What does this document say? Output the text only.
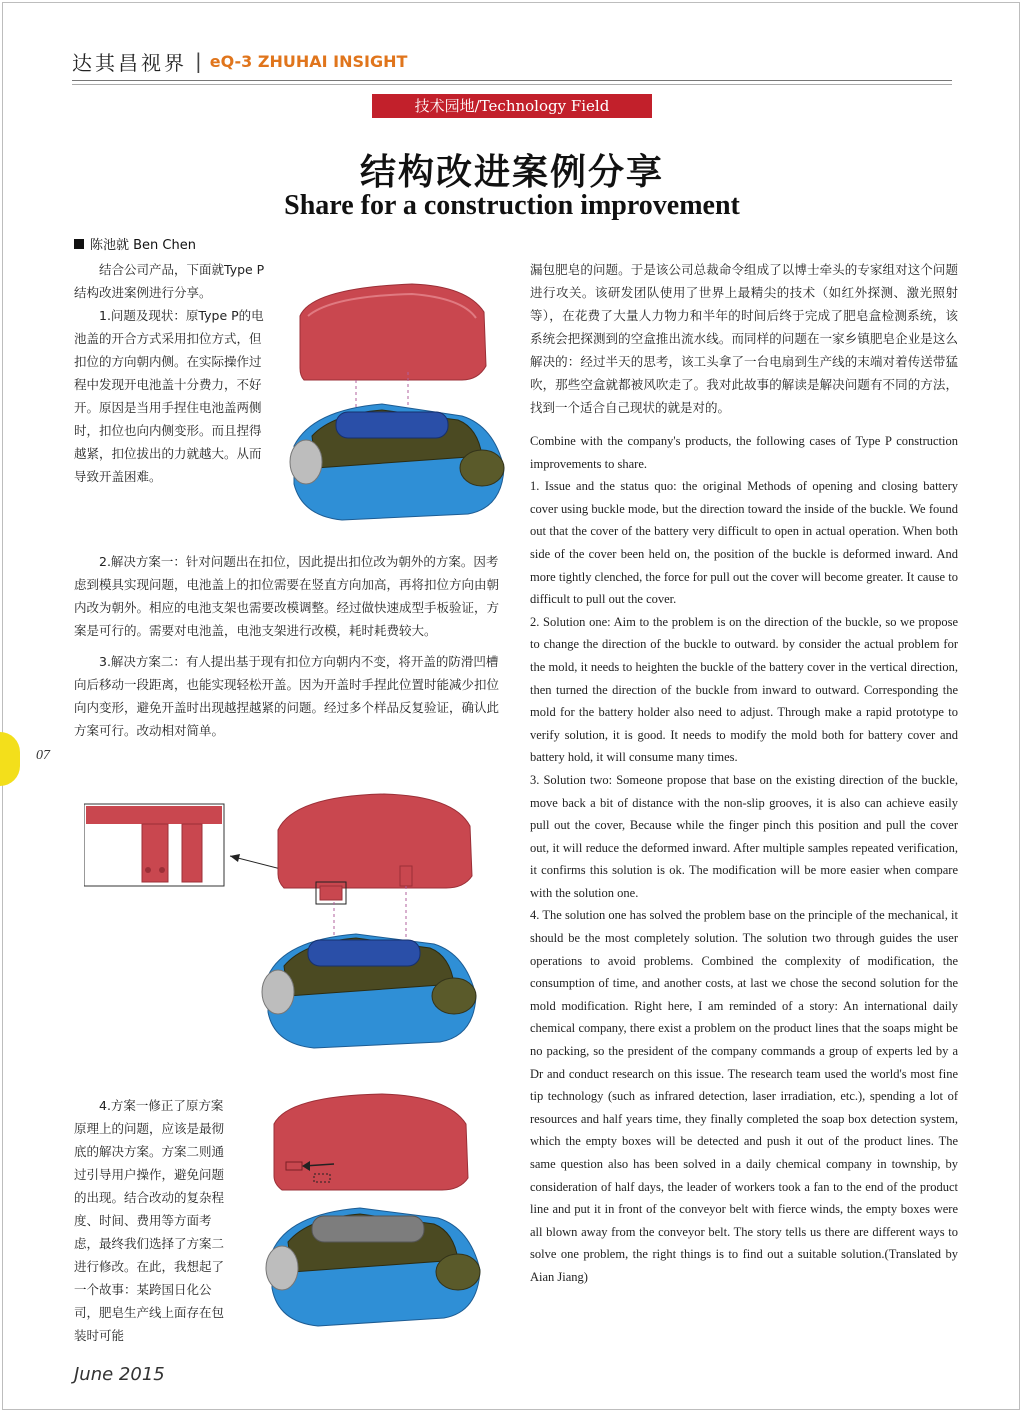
达其昌视界 | eQ-3 ZHUHAI INSIGHT
技术园地/Technology Field
结构改进案例分享
Share for a construction improvement
陈池就 Ben Chen

结合公司产品，下面就Type P结构改进案例进行分享。

1.问题及现状：原Type P的电池盖的开合方式采用扣位方式，但扣位的方向朝内侧。在实际操作过程中发现开电池盖十分费力，不好开。原因是当用手捏住电池盖两侧时，扣位也向内侧变形。而且捏得越紧，扣位拔出的力就越大。从而导致开盖困难。

2.解决方案一：针对问题出在扣位，因此提出扣位改为朝外的方案。因考虑到模具实现问题，电池盖上的扣位需要在竖直方向加高，再将扣位方向由朝内改为朝外。相应的电池支架也需要改模调整。经过做快速成型手板验证，方案是可行的。需要对电池盖，电池支架进行改模，耗时耗费较大。

3.解决方案二：有人提出基于现有扣位方向朝内不变，将开盖的防滑凹槽向后移动一段距离，也能实现轻松开盖。因为开盖时手捏此位置时能减少扣位向内变形，避免开盖时出现越捏越紧的问题。经过多个样品反复验证，确认此方案可行。改动相对简单。

07

4.方案一修正了原方案原理上的问题，应该是最彻底的解决方案。方案二则通过引导用户操作，避免问题的出现。结合改动的复杂程度、时间、费用等方面考虑，最终我们选择了方案二进行修改。在此，我想起了一个故事：某跨国日化公司，肥皂生产线上面存在包装时可能

漏包肥皂的问题。于是该公司总裁命令组成了以博士牵头的专家组对这个问题进行攻关。该研发团队使用了世界上最精尖的技术（如红外探测、激光照射等），在花费了大量人力物力和半年的时间后终于完成了肥皂盒检测系统，该系统会把探测到的空盒推出流水线。而同样的问题在一家乡镇肥皂企业是这么解决的：经过半天的思考，该工头拿了一台电扇到生产线的末端对着传送带猛吹，那些空盒就都被风吹走了。我对此故事的解读是解决问题有不同的方法，找到一个适合自己现状的就是对的。

Combine with the company's products, the following cases of Type P construction improvements to share.

1. Issue and the status quo: the original Methods of opening and closing battery cover using buckle mode, but the direction toward the inside of the buckle. We found out that the cover of the battery very difficult to open in actual operation. When both side of the cover been held on, the position of the buckle is deformed inward. And more tightly clenched, the force for pull out the cover will become greater. It cause to difficult to pull out the cover.

2. Solution one: Aim to the problem is on the direction of the buckle, so we propose to change the direction of the buckle to outward. by consider the actual problem for the mold, it needs to heighten the buckle of the battery cover in the vertical direction, then turned the direction of the buckle from inward to outward. Corresponding the mold for the battery holder also need to adjust. Through make a rapid prototype to verify solution, it is good. It needs to modify the mold both for battery cover and battery hold, it will consume many times.

3. Solution two: Someone propose that base on the existing direction of the buckle, move back a bit of distance with the non-slip grooves, it is also can achieve easily pull out the cover, Because while the finger pinch this position and pull the cover out, it will reduce the deformed inward. After multiple samples repeated verification, it confirms this solution is ok. The modification will be more easier when compare with the solution one.

4. The solution one has solved the problem base on the principle of the mechanical, it should be the most completely solution. The solution two through guides the user operations to avoid problems. Combined the complexity of modification, the consumption of time, and another costs, at last we chose the second solution for the mold modification. Right here, I am reminded of a story: An international daily chemical company, there exist a problem on the product lines that the soaps might be no packing, so the president of the company commands a group of experts led by a Dr and conduct research on this issue. The research team used the world's most fine tip technology (such as infrared detection, laser irradiation, etc.), spending a lot of resources and half years time, they finally completed the soap box detection system, which the empty boxes will be detected and push it out of the product lines. The same question also has been solved in a daily chemical company in township, by consideration of half days, the leader of workers took a fan to the end of the product line and put it in front of the conveyor belt with fierce winds, the empty boxes were all blown away from the conveyor belt. The story tells us there are different ways to solve one problem, the right things is to find out a suitable solution.(Translated by Aian Jiang)

June 2015
